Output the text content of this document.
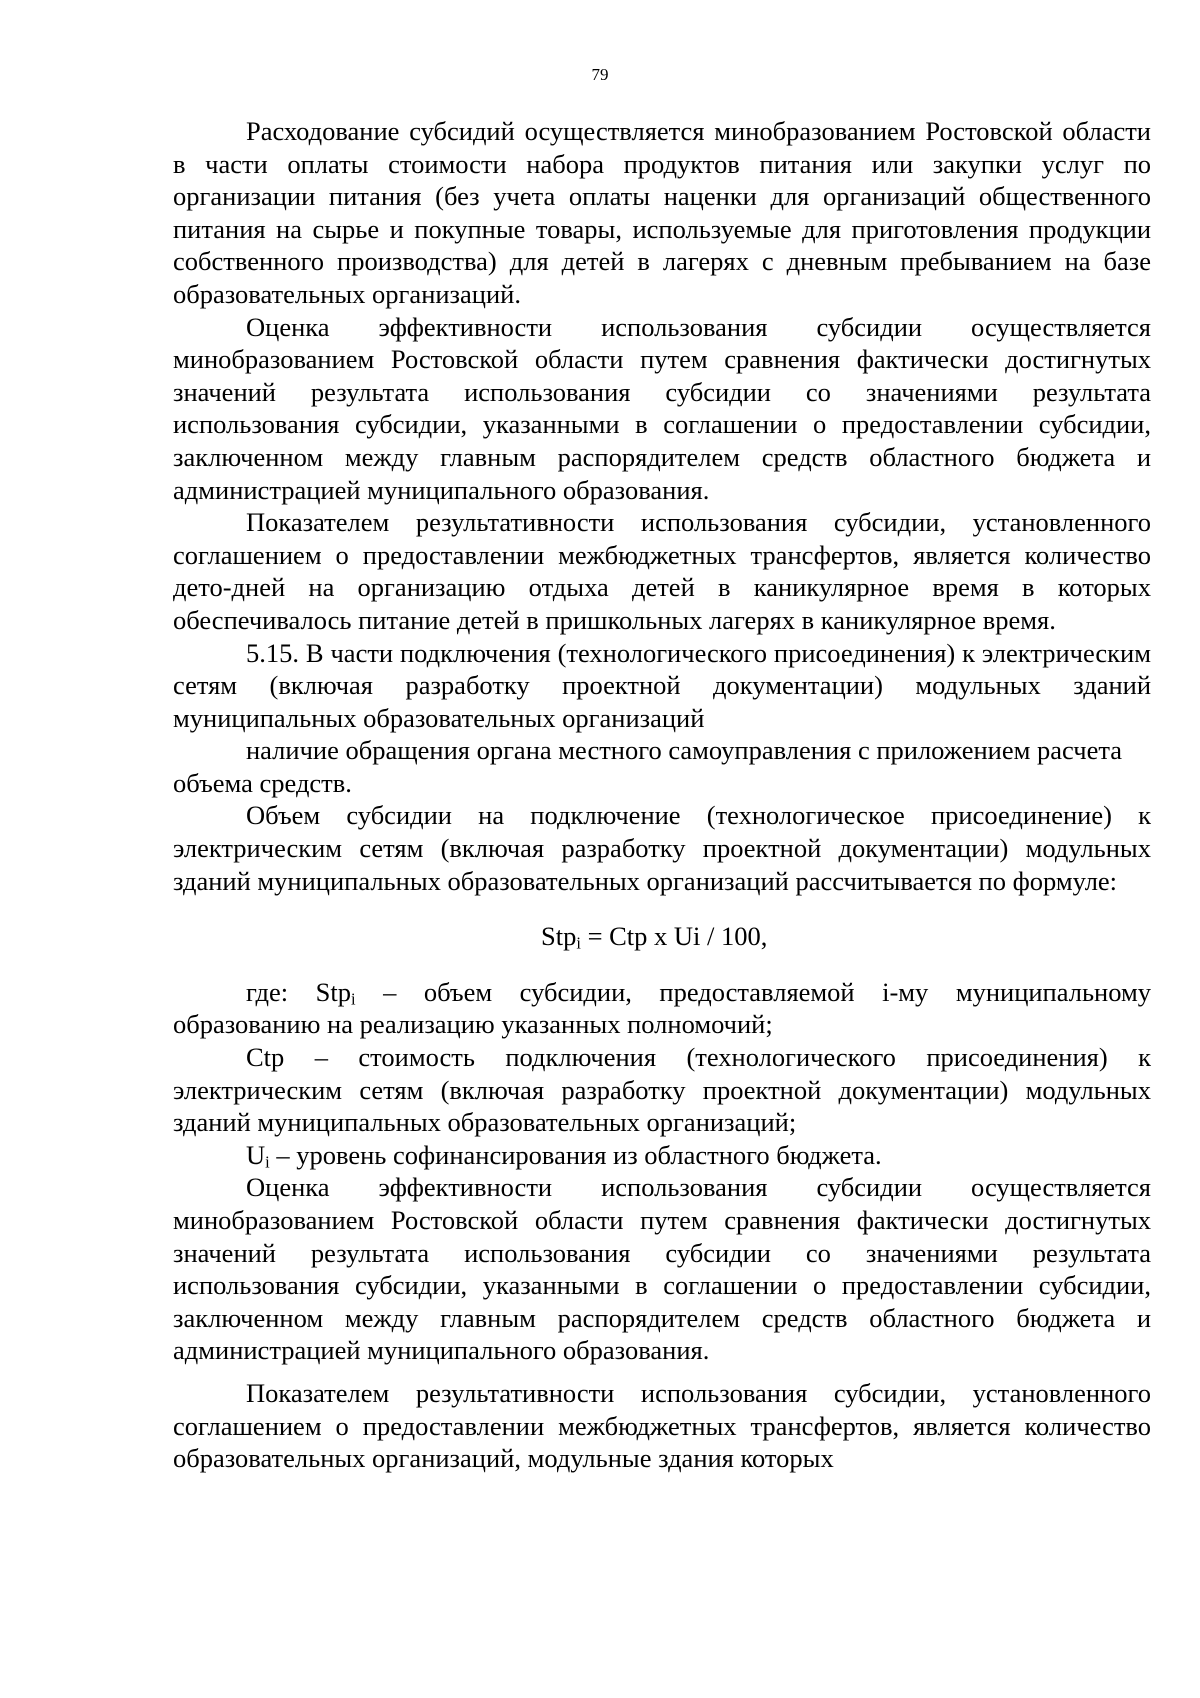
79

Расходование субсидий осуществляется минобразованием Ростовской области в части оплаты стоимости набора продуктов питания или закупки услуг по организации питания (без учета оплаты наценки для организаций общественного питания на сырье и покупные товары, используемые для приготовления продукции собственного производства) для детей в лагерях с дневным пребыванием на базе образовательных организаций.

Оценка эффективности использования субсидии осуществляется минобразованием Ростовской области путем сравнения фактически достигнутых значений результата использования субсидии со значениями результата использования субсидии, указанными в соглашении о предоставлении субсидии, заключенном между главным распорядителем средств областного бюджета и администрацией муниципального образования.

Показателем результативности использования субсидии, установленного соглашением о предоставлении межбюджетных трансфертов, является количество дето-дней на организацию отдыха детей в каникулярное время в которых обеспечивалось питание детей в пришкольных лагерях в каникулярное время.

5.15. В части подключения (технологического присоединения) к электрическим сетям (включая разработку проектной документации) модульных зданий муниципальных образовательных организаций

наличие обращения органа местного самоуправления с приложением расчета объема средств.

Объем субсидии на подключение (технологическое присоединение) к электрическим сетям (включая разработку проектной документации) модульных зданий муниципальных образовательных организаций рассчитывается по формуле:

Stp$_i$ = Ctp x Ui / 100,

где: Stp$_i$ – объем субсидии, предоставляемой i-му муниципальному образованию на реализацию указанных полномочий;

Ctp – стоимость подключения (технологического присоединения) к электрическим сетям (включая разработку проектной документации) модульных зданий муниципальных образовательных организаций;

$U_i$ – уровень софинансирования из областного бюджета.

Оценка эффективности использования субсидии осуществляется минобразованием Ростовской области путем сравнения фактически достигнутых значений результата использования субсидии со значениями результата использования субсидии, указанными в соглашении о предоставлении субсидии, заключенном между главным распорядителем средств областного бюджета и администрацией муниципального образования.

Показателем результативности использования субсидии, установленного соглашением о предоставлении межбюджетных трансфертов, является количество образовательных организаций, модульные здания которых
